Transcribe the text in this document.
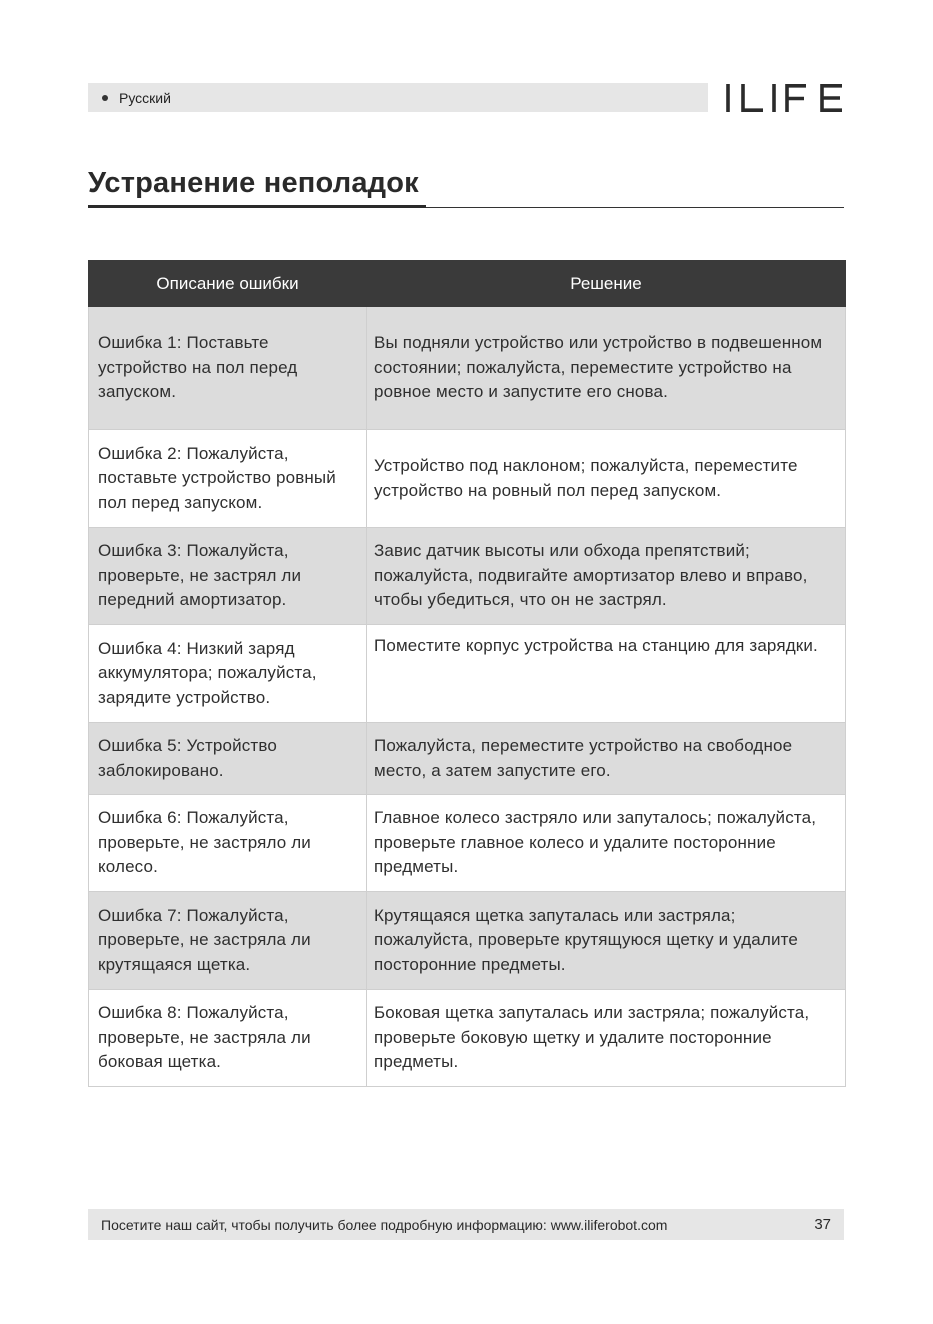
Русский
Устранение неполадок
Описание ошибки	Решение
Ошибка 1: Поставьте устройство на пол перед запуском.	Вы подняли устройство или устройство в подвешенном состоянии; пожалуйста, переместите устройство на ровное место и запустите его снова.
Ошибка 2: Пожалуйста, поставьте устройство ровный пол перед запуском.	Устройство под наклоном; пожалуйста, переместите устройство на ровный пол перед запуском.
Ошибка 3: Пожалуйста, проверьте, не застрял ли передний амортизатор.	Завис датчик высоты или обхода препятствий; пожалуйста, подвигайте амортизатор влево и вправо, чтобы убедиться, что он не застрял.
Ошибка 4: Низкий заряд аккумулятора; пожалуйста, зарядите устройство.	Поместите корпус устройства на станцию для зарядки.
Ошибка 5: Устройство заблокировано.	Пожалуйста, переместите устройство на свободное место, а затем запустите его.
Ошибка 6: Пожалуйста, проверьте, не застряло ли колесо.	Главное колесо застряло или запуталось; пожалуйста, проверьте главное колесо и удалите посторонние предметы.
Ошибка 7: Пожалуйста, проверьте, не застряла ли крутящаяся щетка.	Крутящаяся щетка запуталась или застряла; пожалуйста, проверьте крутящуюся щетку и удалите посторонние предметы.
Ошибка 8: Пожалуйста, проверьте, не застряла ли боковая щетка.	Боковая щетка запуталась или застряла; пожалуйста, проверьте боковую щетку и удалите посторонние предметы.
Посетите наш сайт, чтобы получить более подробную информацию: www.iliferobot.com	37
